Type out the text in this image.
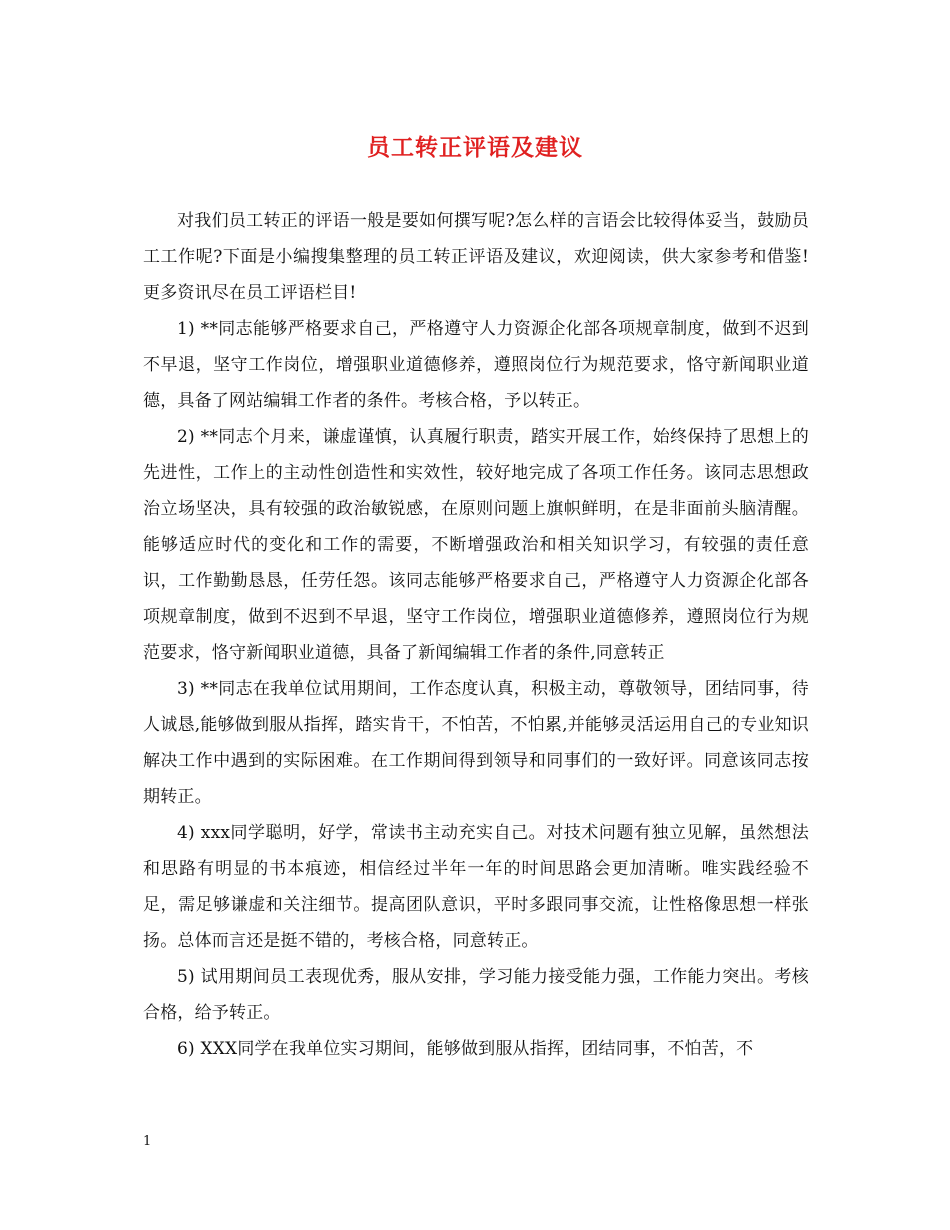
员工转正评语及建议

对我们员工转正的评语一般是要如何撰写呢?怎么样的言语会比较得体妥当，鼓励员工工作呢?下面是小编搜集整理的员工转正评语及建议，欢迎阅读，供大家参考和借鉴!更多资讯尽在员工评语栏目!

1) **同志能够严格要求自己，严格遵守人力资源企化部各项规章制度，做到不迟到不早退，坚守工作岗位，增强职业道德修养，遵照岗位行为规范要求，恪守新闻职业道德，具备了网站编辑工作者的条件。考核合格，予以转正。

2) **同志个月来，谦虚谨慎，认真履行职责，踏实开展工作，始终保持了思想上的先进性，工作上的主动性创造性和实效性，较好地完成了各项工作任务。该同志思想政治立场坚决，具有较强的政治敏锐感，在原则问题上旗帜鲜明，在是非面前头脑清醒。能够适应时代的变化和工作的需要，不断增强政治和相关知识学习，有较强的责任意识，工作勤勤恳恳，任劳任怨。该同志能够严格要求自己，严格遵守人力资源企化部各项规章制度，做到不迟到不早退，坚守工作岗位，增强职业道德修养，遵照岗位行为规范要求，恪守新闻职业道德，具备了新闻编辑工作者的条件,同意转正

3) **同志在我单位试用期间，工作态度认真，积极主动，尊敬领导，团结同事，待人诚恳,能够做到服从指挥，踏实肯干，不怕苦，不怕累,并能够灵活运用自己的专业知识解决工作中遇到的实际困难。在工作期间得到领导和同事们的一致好评。同意该同志按期转正。

4) xxx同学聪明，好学，常读书主动充实自己。对技术问题有独立见解，虽然想法和思路有明显的书本痕迹，相信经过半年一年的时间思路会更加清晰。唯实践经验不足，需足够谦虚和关注细节。提高团队意识，平时多跟同事交流，让性格像思想一样张扬。总体而言还是挺不错的，考核合格，同意转正。

5) 试用期间员工表现优秀，服从安排，学习能力接受能力强，工作能力突出。考核合格，给予转正。

6) XXX同学在我单位实习期间，能够做到服从指挥，团结同事，不怕苦，不

1
